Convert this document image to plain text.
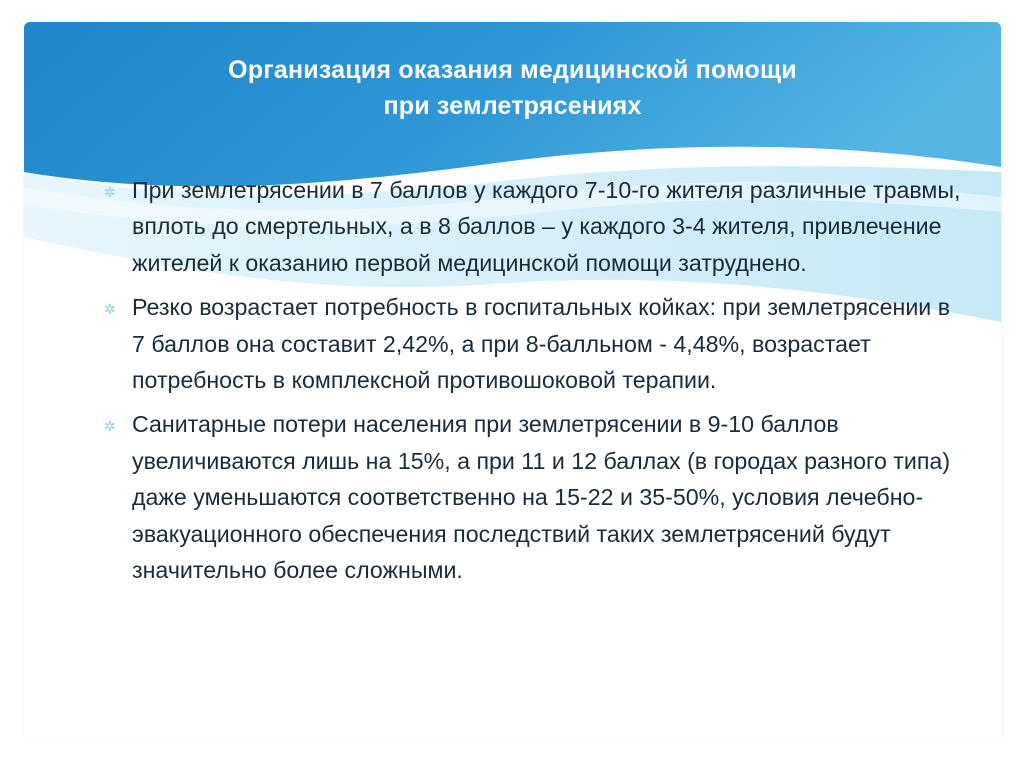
Организация оказания медицинской помощи
при землетрясениях
✲ При землетрясении в 7 баллов у каждого 7-10-го жителя различные травмы, вплоть до смертельных, а в 8 баллов – у каждого 3-4 жителя, привлечение жителей к оказанию первой медицинской помощи затруднено.
✲ Резко возрастает потребность в госпитальных койках: при землетрясении в 7 баллов она составит 2,42%, а при 8-балльном - 4,48%, возрастает потребность в комплексной противошоковой терапии.
✲ Санитарные потери населения при землетрясении в 9-10 баллов увеличиваются лишь на 15%, а при 11 и 12 баллах (в городах разного типа) даже уменьшаются соответственно на 15-22 и 35-50%, условия лечебно-эвакуационного обеспечения последствий таких землетрясений будут значительно более сложными.
